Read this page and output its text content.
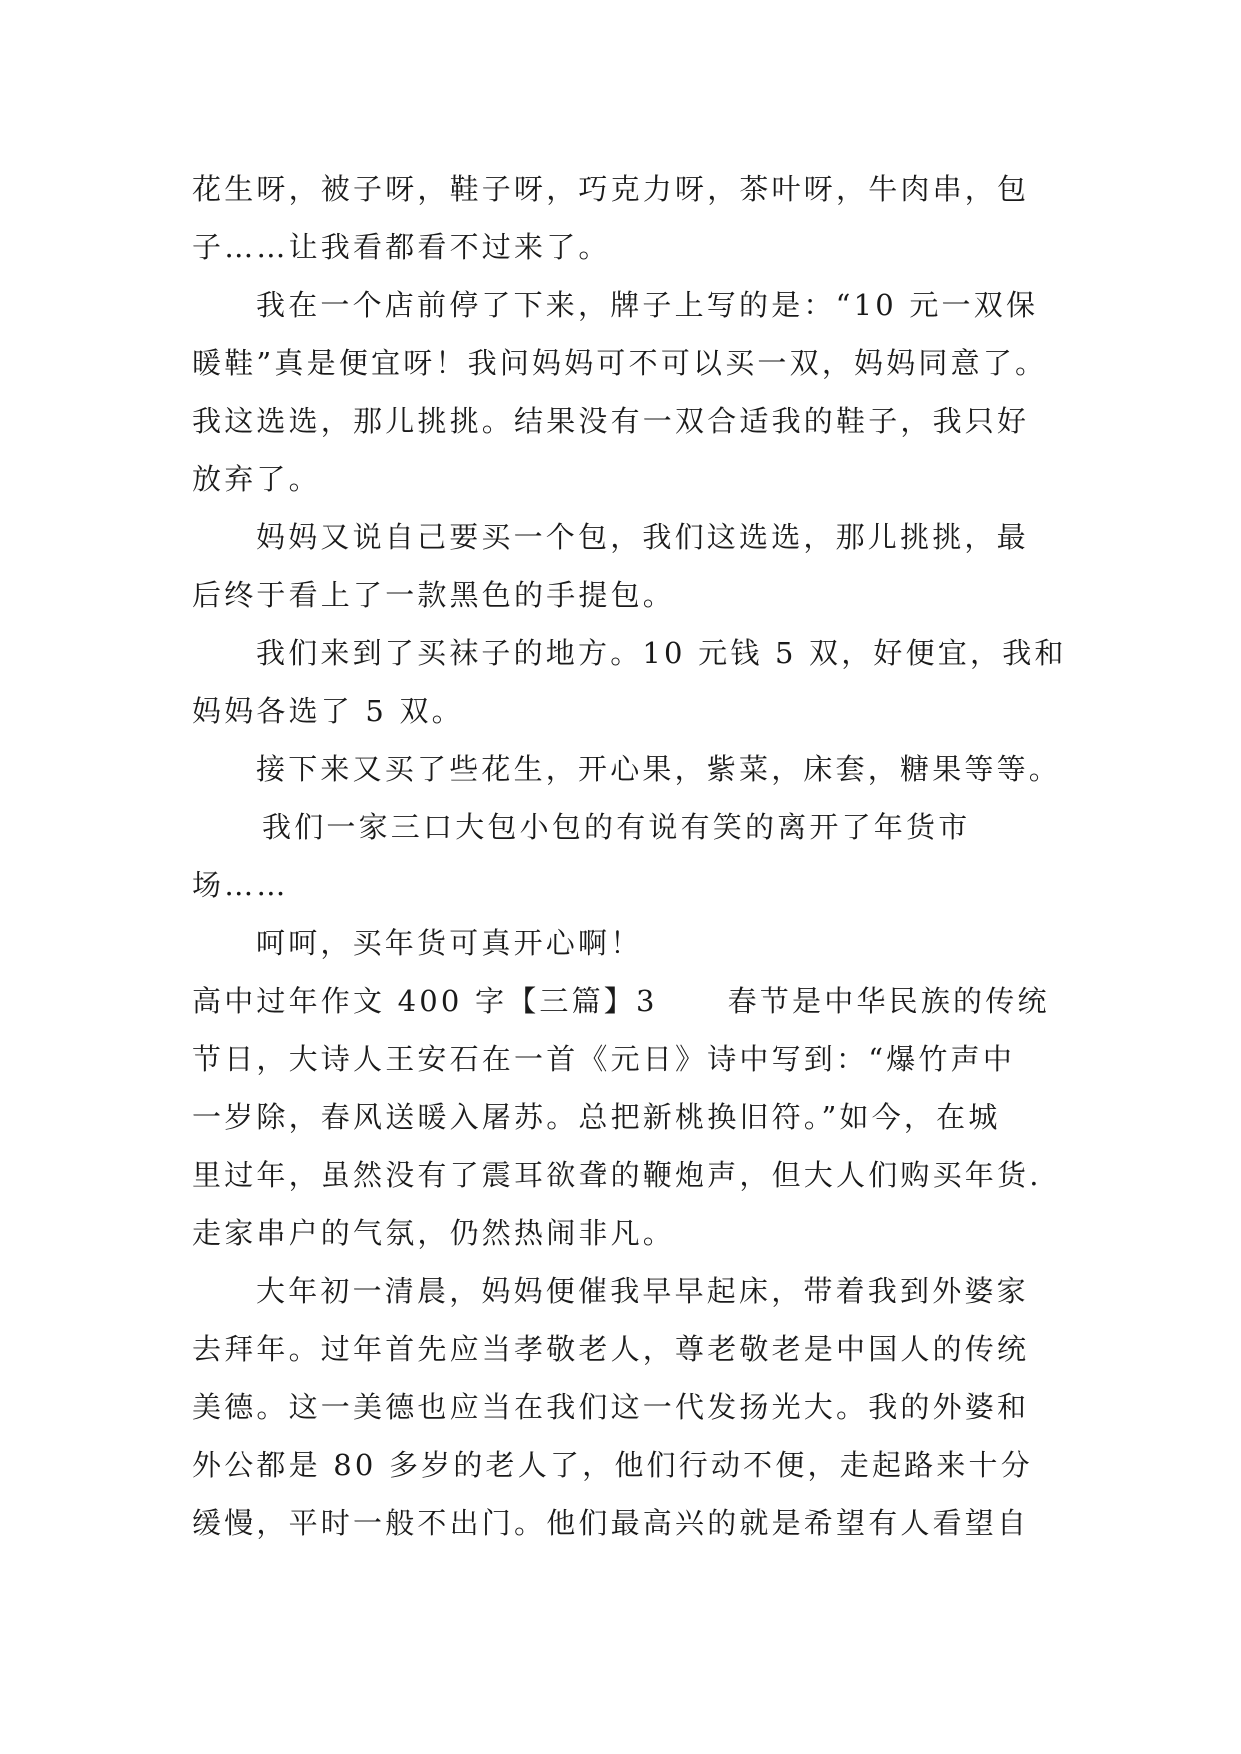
花生呀，被子呀，鞋子呀，巧克力呀，茶叶呀，牛肉串，包
子……让我看都看不过来了。
我在一个店前停了下来，牌子上写的是：“10 元一双保
暖鞋”真是便宜呀！我问妈妈可不可以买一双，妈妈同意了。
我这选选，那儿挑挑。结果没有一双合适我的鞋子，我只好
放弃了。
妈妈又说自己要买一个包，我们这选选，那儿挑挑，最
后终于看上了一款黑色的手提包。
我们来到了买袜子的地方。10 元钱 5 双，好便宜，我和
妈妈各选了 5 双。
接下来又买了些花生，开心果，紫菜，床套，糖果等等。
我们一家三口大包小包的有说有笑的离开了年货市
场……
呵呵，买年货可真开心啊！
高中过年作文 400 字【三篇】3 春节是中华民族的传统
节日，大诗人王安石在一首《元日》诗中写到：“爆竹声中
一岁除，春风送暖入屠苏。总把新桃换旧符。”如今，在城
里过年，虽然没有了震耳欲聋的鞭炮声，但大人们购买年货.
走家串户的气氛，仍然热闹非凡。
大年初一清晨，妈妈便催我早早起床，带着我到外婆家
去拜年。过年首先应当孝敬老人，尊老敬老是中国人的传统
美德。这一美德也应当在我们这一代发扬光大。我的外婆和
外公都是 80 多岁的老人了，他们行动不便，走起路来十分
缓慢，平时一般不出门。他们最高兴的就是希望有人看望自
